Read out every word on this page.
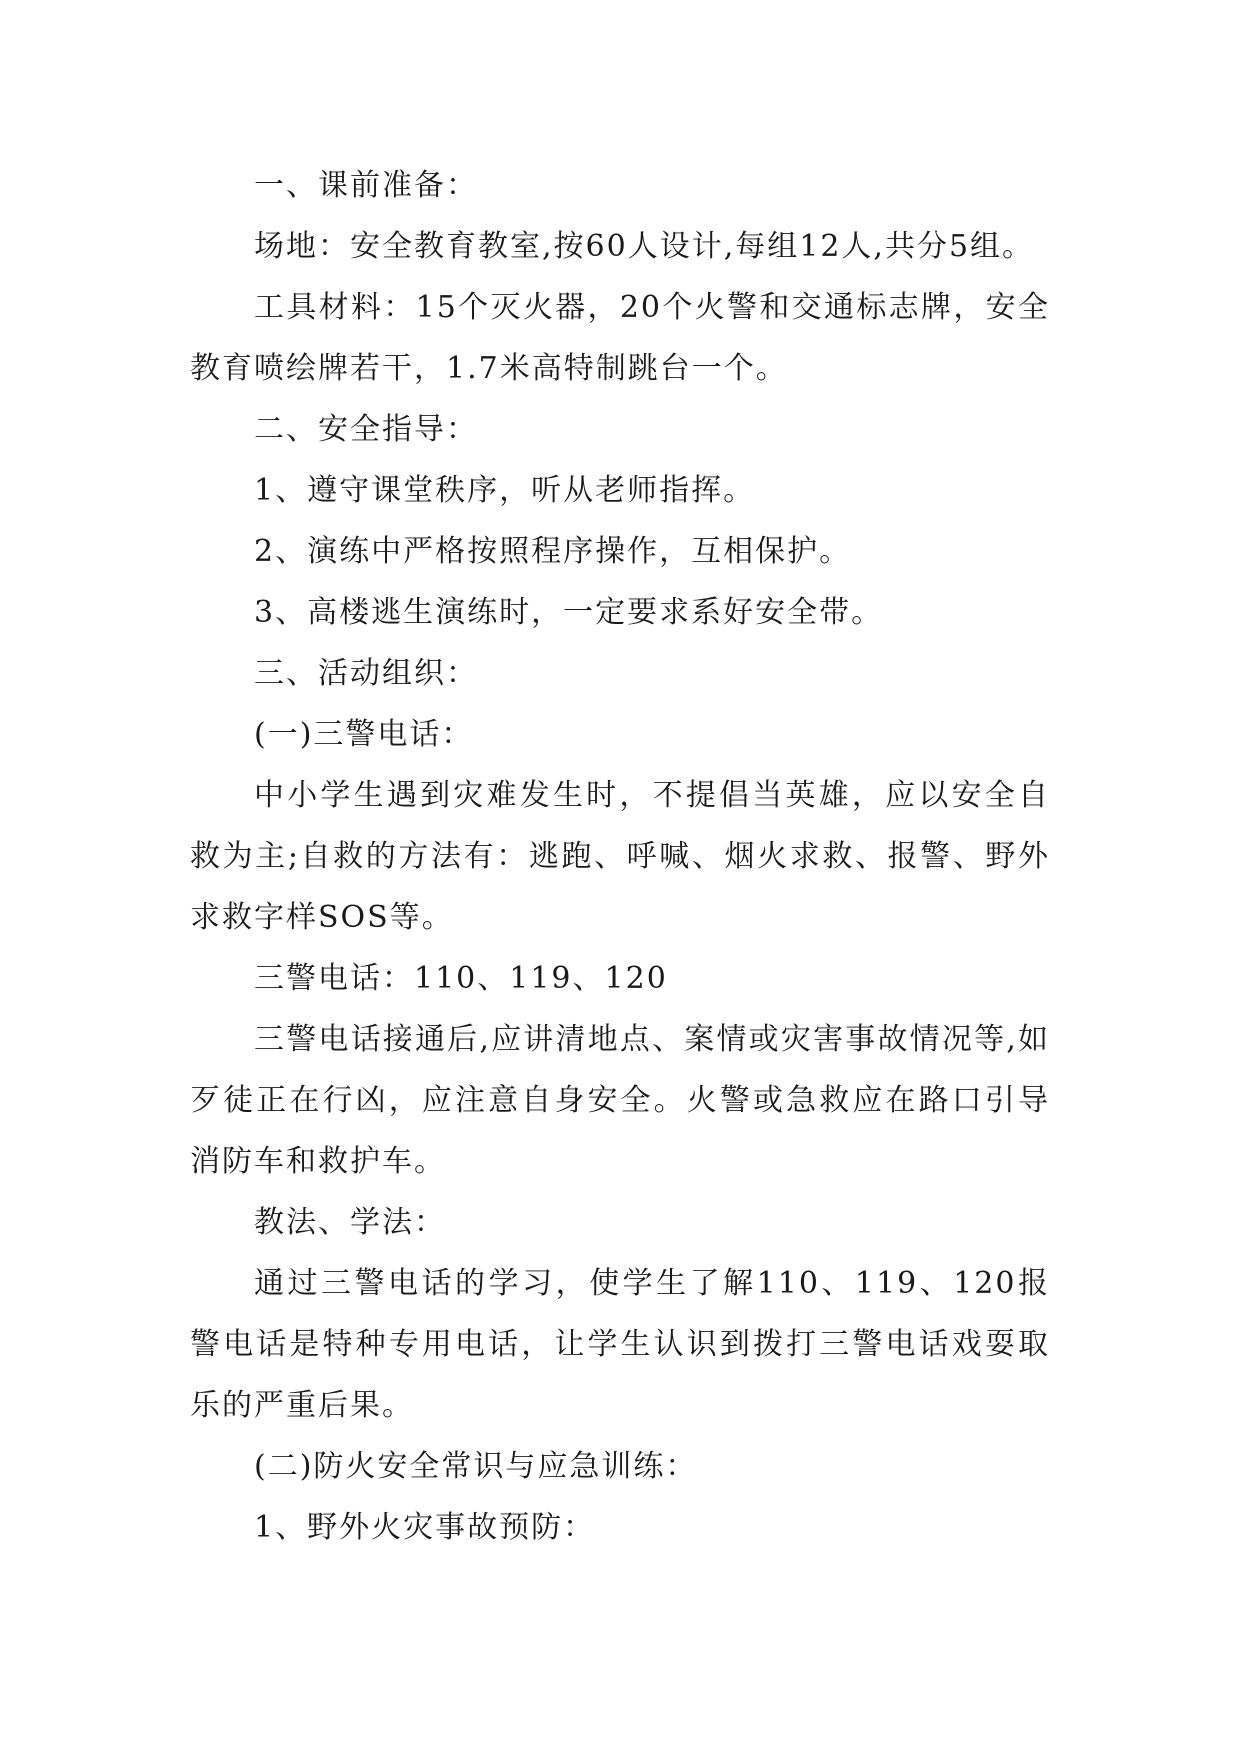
一、课前准备：

场地：安全教育教室,按60人设计,每组12人,共分5组。

工具材料：15个灭火器，20个火警和交通标志牌，安全教育喷绘牌若干，1.7米高特制跳台一个。

二、安全指导：

1、遵守课堂秩序，听从老师指挥。

2、演练中严格按照程序操作，互相保护。

3、高楼逃生演练时，一定要求系好安全带。

三、活动组织：

(一)三警电话：

中小学生遇到灾难发生时，不提倡当英雄，应以安全自救为主;自救的方法有：逃跑、呼喊、烟火求救、报警、野外求救字样SOS等。

三警电话：110、119、120

三警电话接通后,应讲清地点、案情或灾害事故情况等,如歹徒正在行凶，应注意自身安全。火警或急救应在路口引导消防车和救护车。

教法、学法：

通过三警电话的学习，使学生了解110、119、120报警电话是特种专用电话，让学生认识到拨打三警电话戏耍取乐的严重后果。

(二)防火安全常识与应急训练：

1、野外火灾事故预防：
